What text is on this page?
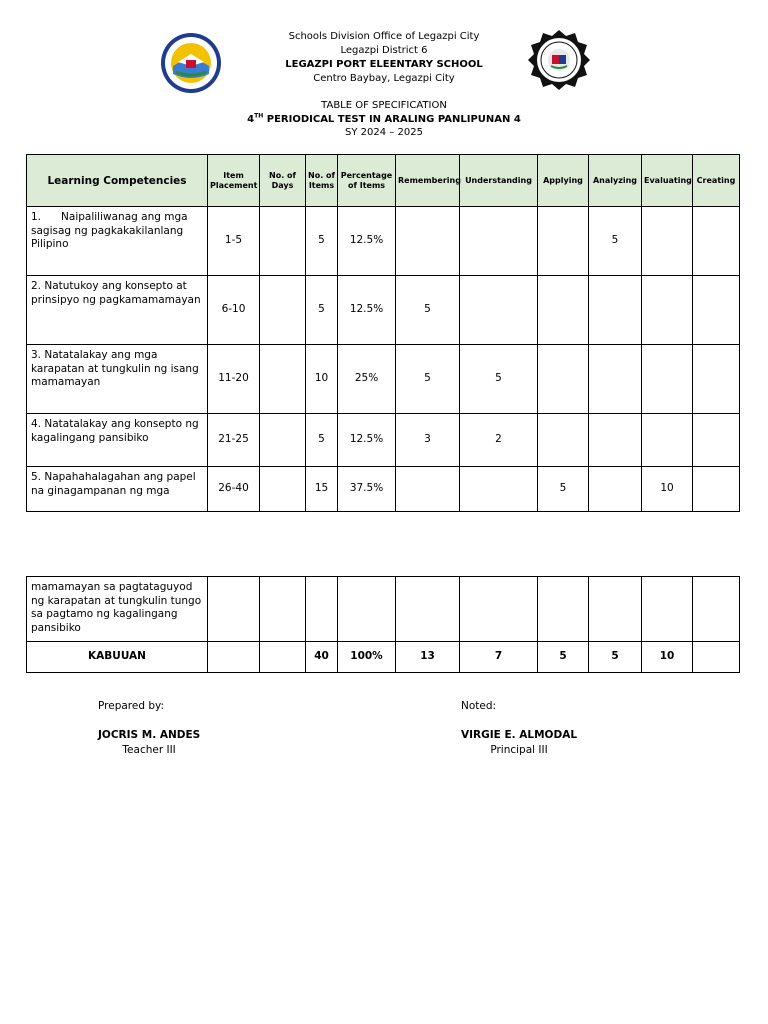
Schools Division Office of Legazpi City
Legazpi District 6
LEGAZPI PORT ELEENTARY SCHOOL
Centro Baybay, Legazpi City
TABLE OF SPECIFICATION
4TH PERIODICAL TEST IN ARALING PANLIPUNAN 4
SY 2024 – 2025
Learning Competencies	Item Placement	No. of Days	No. of Items	Percentage of Items	Remembering	Understanding	Applying	Analyzing	Evaluating	Creating
1.      Naipaliliwanag ang mga sagisag ng pagkakakilanlang Pilipino	1-5		5	12.5%				5		
2. Natutukoy ang konsepto at prinsipyo ng pagkamamamayan	6-10		5	12.5%	5					
3. Natatalakay ang mga karapatan at tungkulin ng isang mamamayan	11-20		10	25%	5	5				
4. Natatalakay ang konsepto ng kagalingang pansibiko	21-25		5	12.5%	3	2				
5. Napahahalagahan ang papel na ginagampanan ng mga	26-40		15	37.5%			5		10	
mamamayan sa pagtataguyod ng karapatan at tungkulin tungo sa pagtamo ng kagalingang pansibiko										
KABUUAN			40	100%	13	7	5	5	10	
Prepared by:
JOCRIS M. ANDES
Teacher III
Noted:
VIRGIE E. ALMODAL
Principal III
